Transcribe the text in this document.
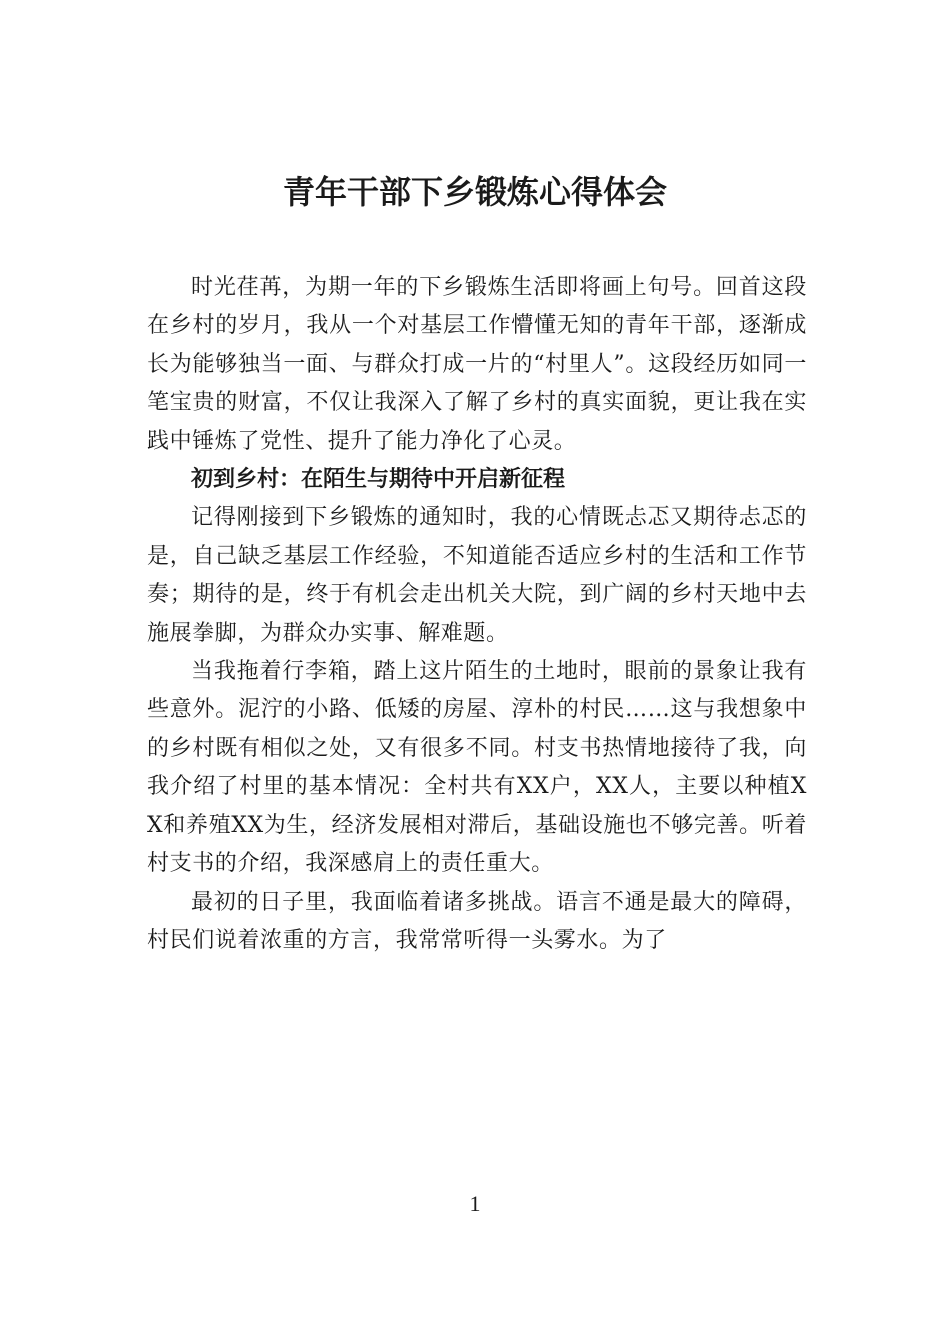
青年干部下乡锻炼心得体会

时光荏苒，为期一年的下乡锻炼生活即将画上句号。回首这段在乡村的岁月，我从一个对基层工作懵懂无知的青年干部，逐渐成长为能够独当一面、与群众打成一片的“村里人”。这段经历如同一笔宝贵的财富，不仅让我深入了解了乡村的真实面貌，更让我在实践中锤炼了党性、提升了能力净化了心灵。

初到乡村：在陌生与期待中开启新征程

记得刚接到下乡锻炼的通知时，我的心情既忐忑又期待忐忑的是，自己缺乏基层工作经验，不知道能否适应乡村的生活和工作节奏；期待的是，终于有机会走出机关大院，到广阔的乡村天地中去施展拳脚，为群众办实事、解难题。

当我拖着行李箱，踏上这片陌生的土地时，眼前的景象让我有些意外。泥泞的小路、低矮的房屋、淳朴的村民……这与我想象中的乡村既有相似之处，又有很多不同。村支书热情地接待了我，向我介绍了村里的基本情况：全村共有XX户，XX人，主要以种植XX和养殖XX为生，经济发展相对滞后，基础设施也不够完善。听着村支书的介绍，我深感肩上的责任重大。

最初的日子里，我面临着诸多挑战。语言不通是最大的障碍，村民们说着浓重的方言，我常常听得一头雾水。为了

1
